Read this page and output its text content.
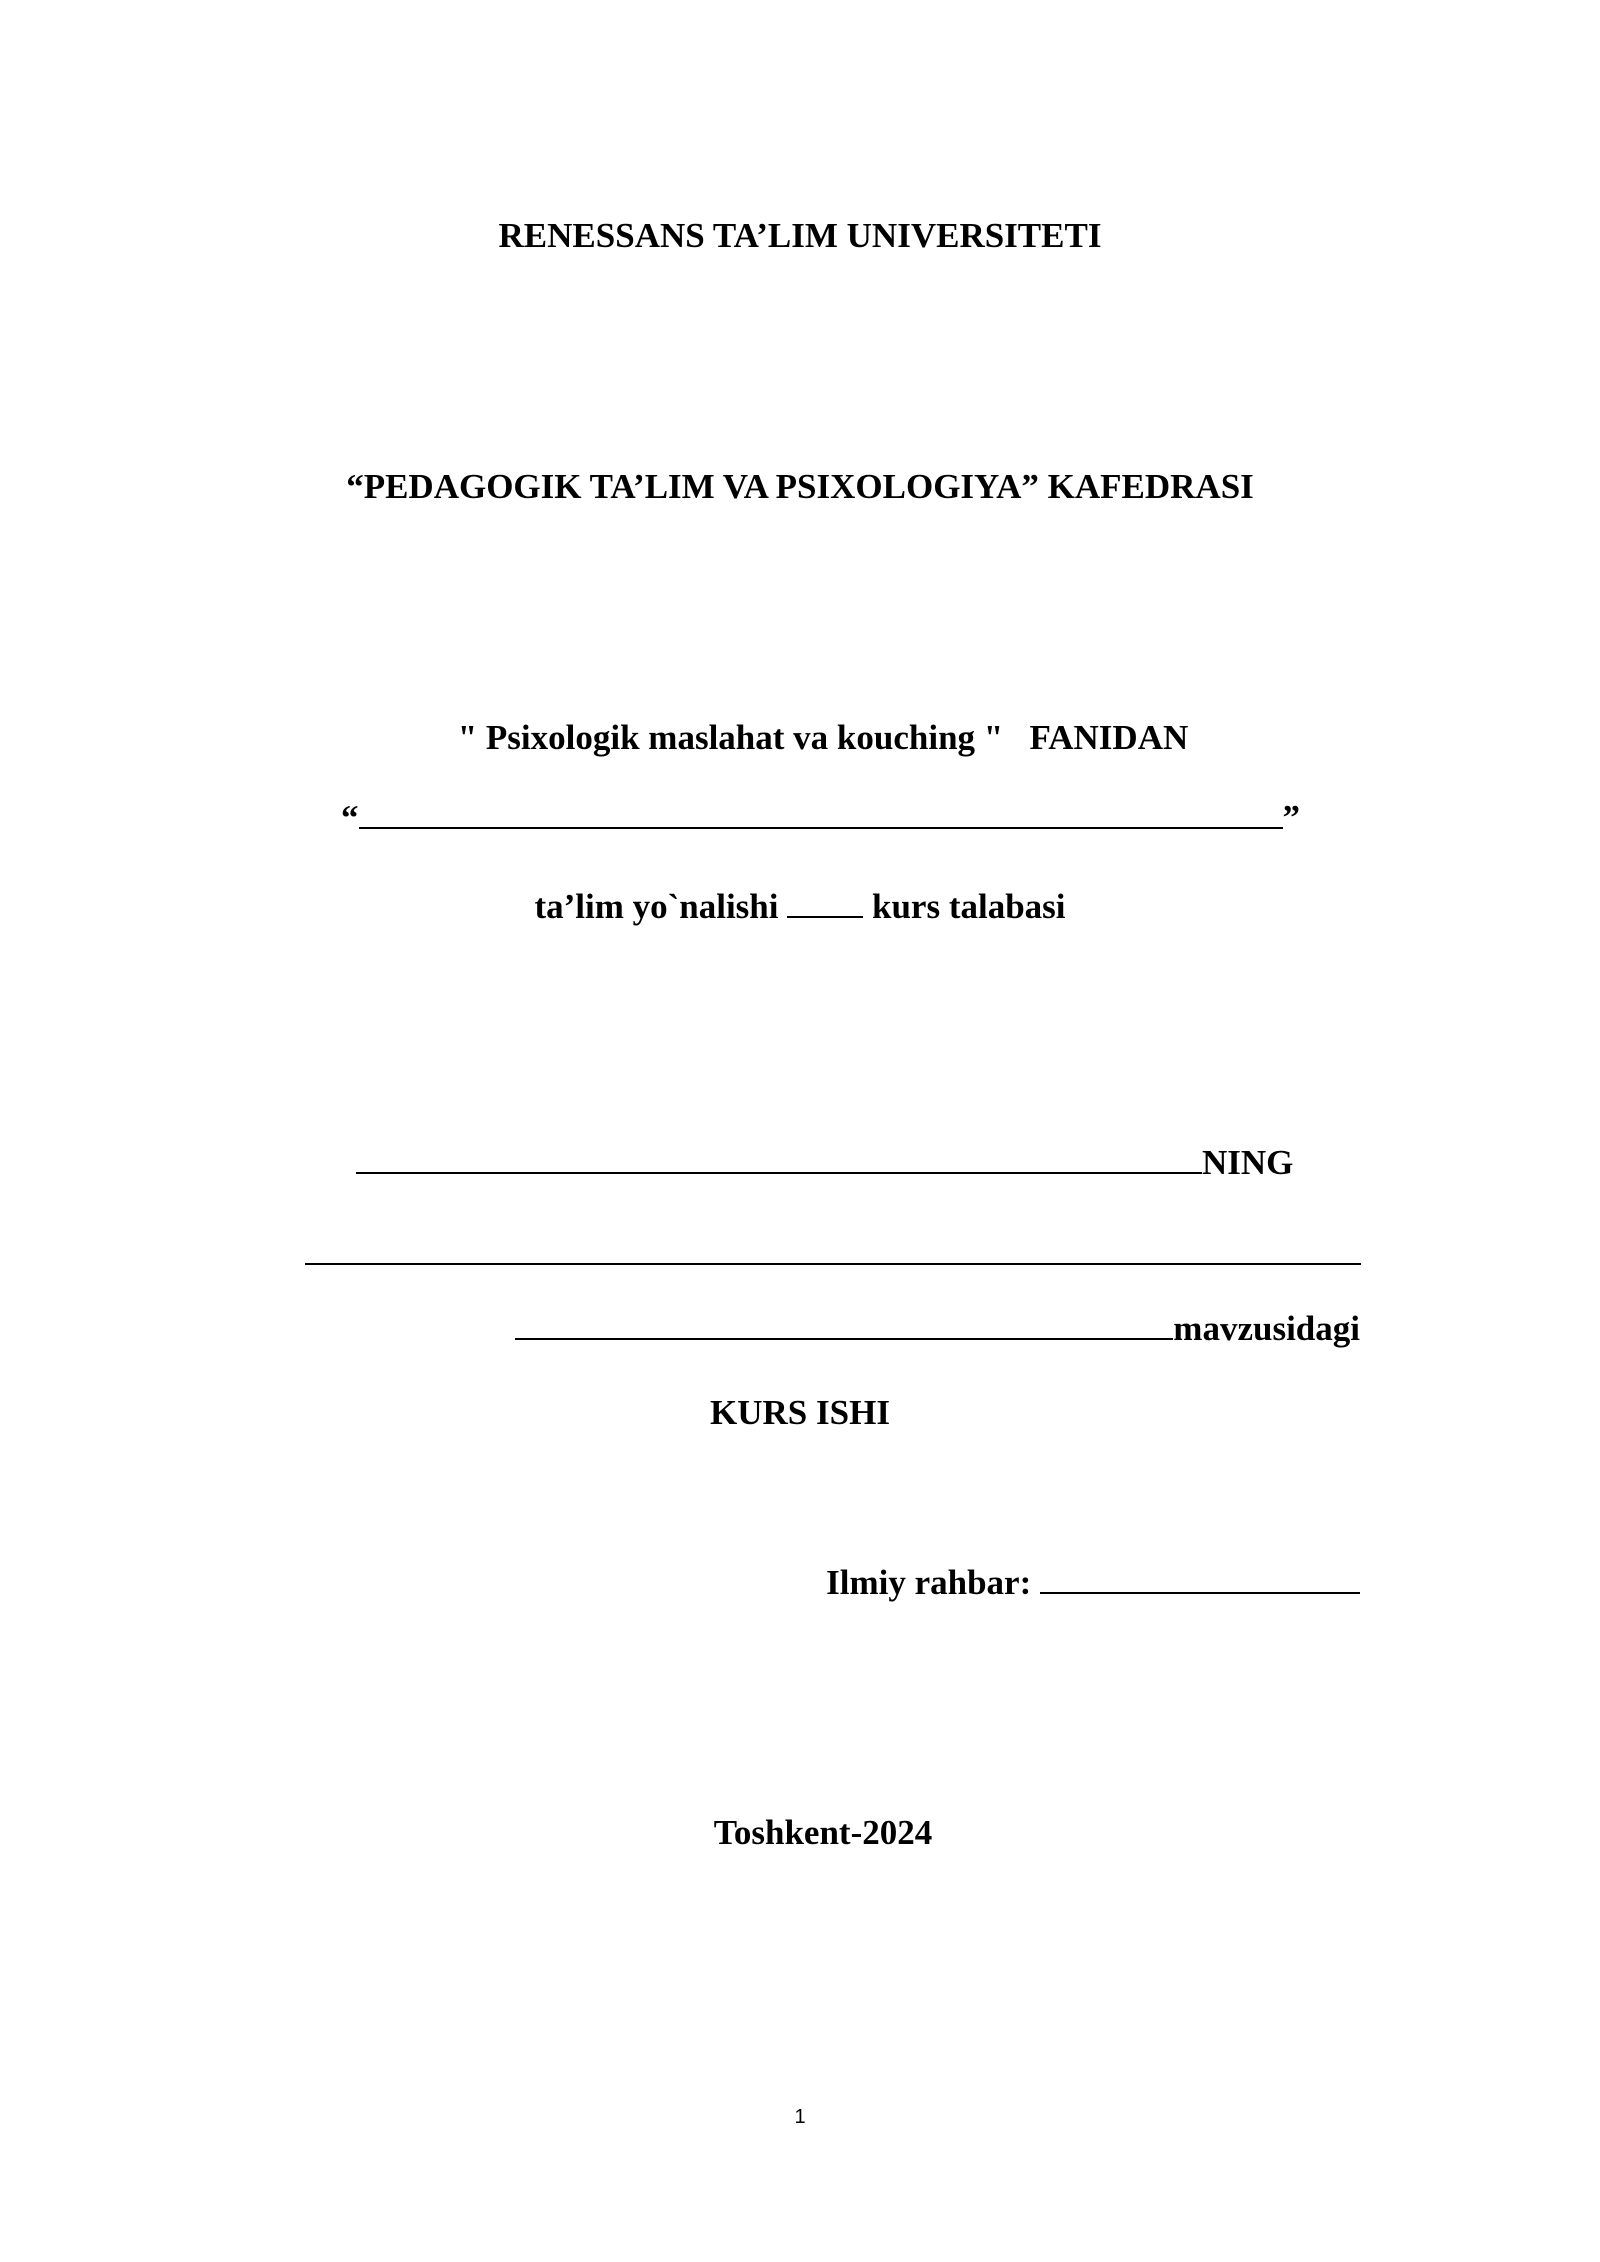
RENESSANS TA’LIM UNIVERSITETI
“PEDAGOGIK TA’LIM VA PSIXOLOGIYA” KAFEDRASI
" Psixologik maslahat va kouching "   FANIDAN
“	”
ta’lim yo`nalishi  kurs talabasi
NING
mavzusidagi
KURS ISHI
Ilmiy rahbar:
Toshkent-2024
1
